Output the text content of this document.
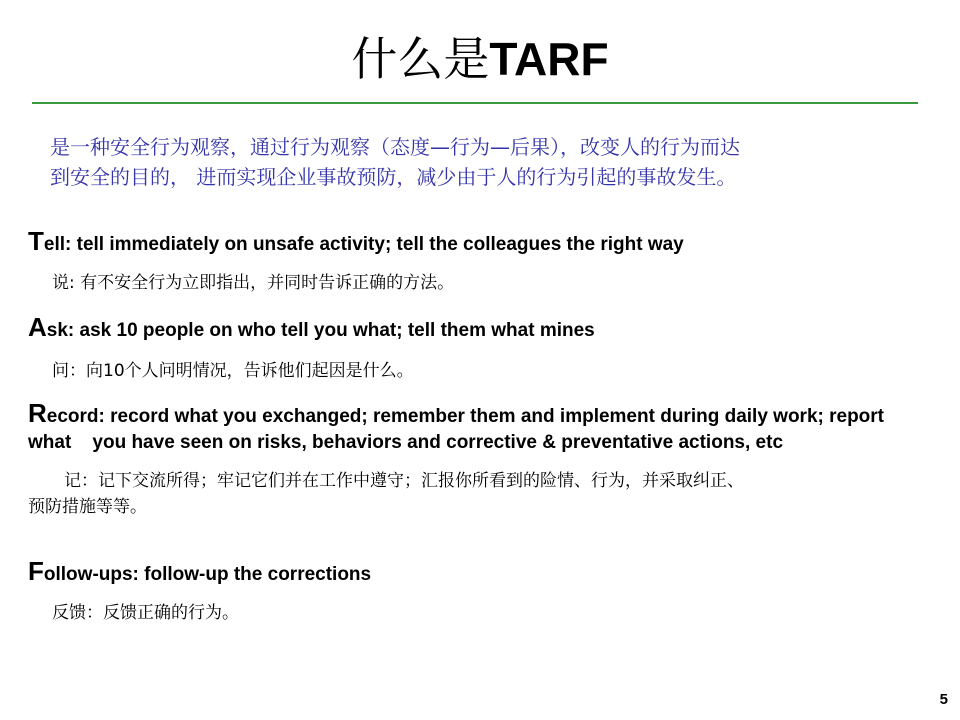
什么是TARF

是一种安全行为观察，通过行为观察（态度—行为—后果），改变人的行为而达

到安全的目的， 进而实现企业事故预防，减少由于人的行为引起的事故发生。

Tell: tell immediately on unsafe activity; tell the colleagues the right way

说: 有不安全行为立即指出，并同时告诉正确的方法。

Ask: ask 10 people on who tell you what; tell them what mines

问：向10个人问明情况，告诉他们起因是什么。

Record: record what you exchanged; remember them and implement during daily work; report   what    you have seen on risks, behaviors and corrective & preventative actions, etc

记：记下交流所得；牢记它们并在工作中遵守；汇报你所看到的险情、行为，并采取纠正、

预防措施等等。

Follow-ups: follow-up the corrections

反馈：反馈正确的行为。

5
